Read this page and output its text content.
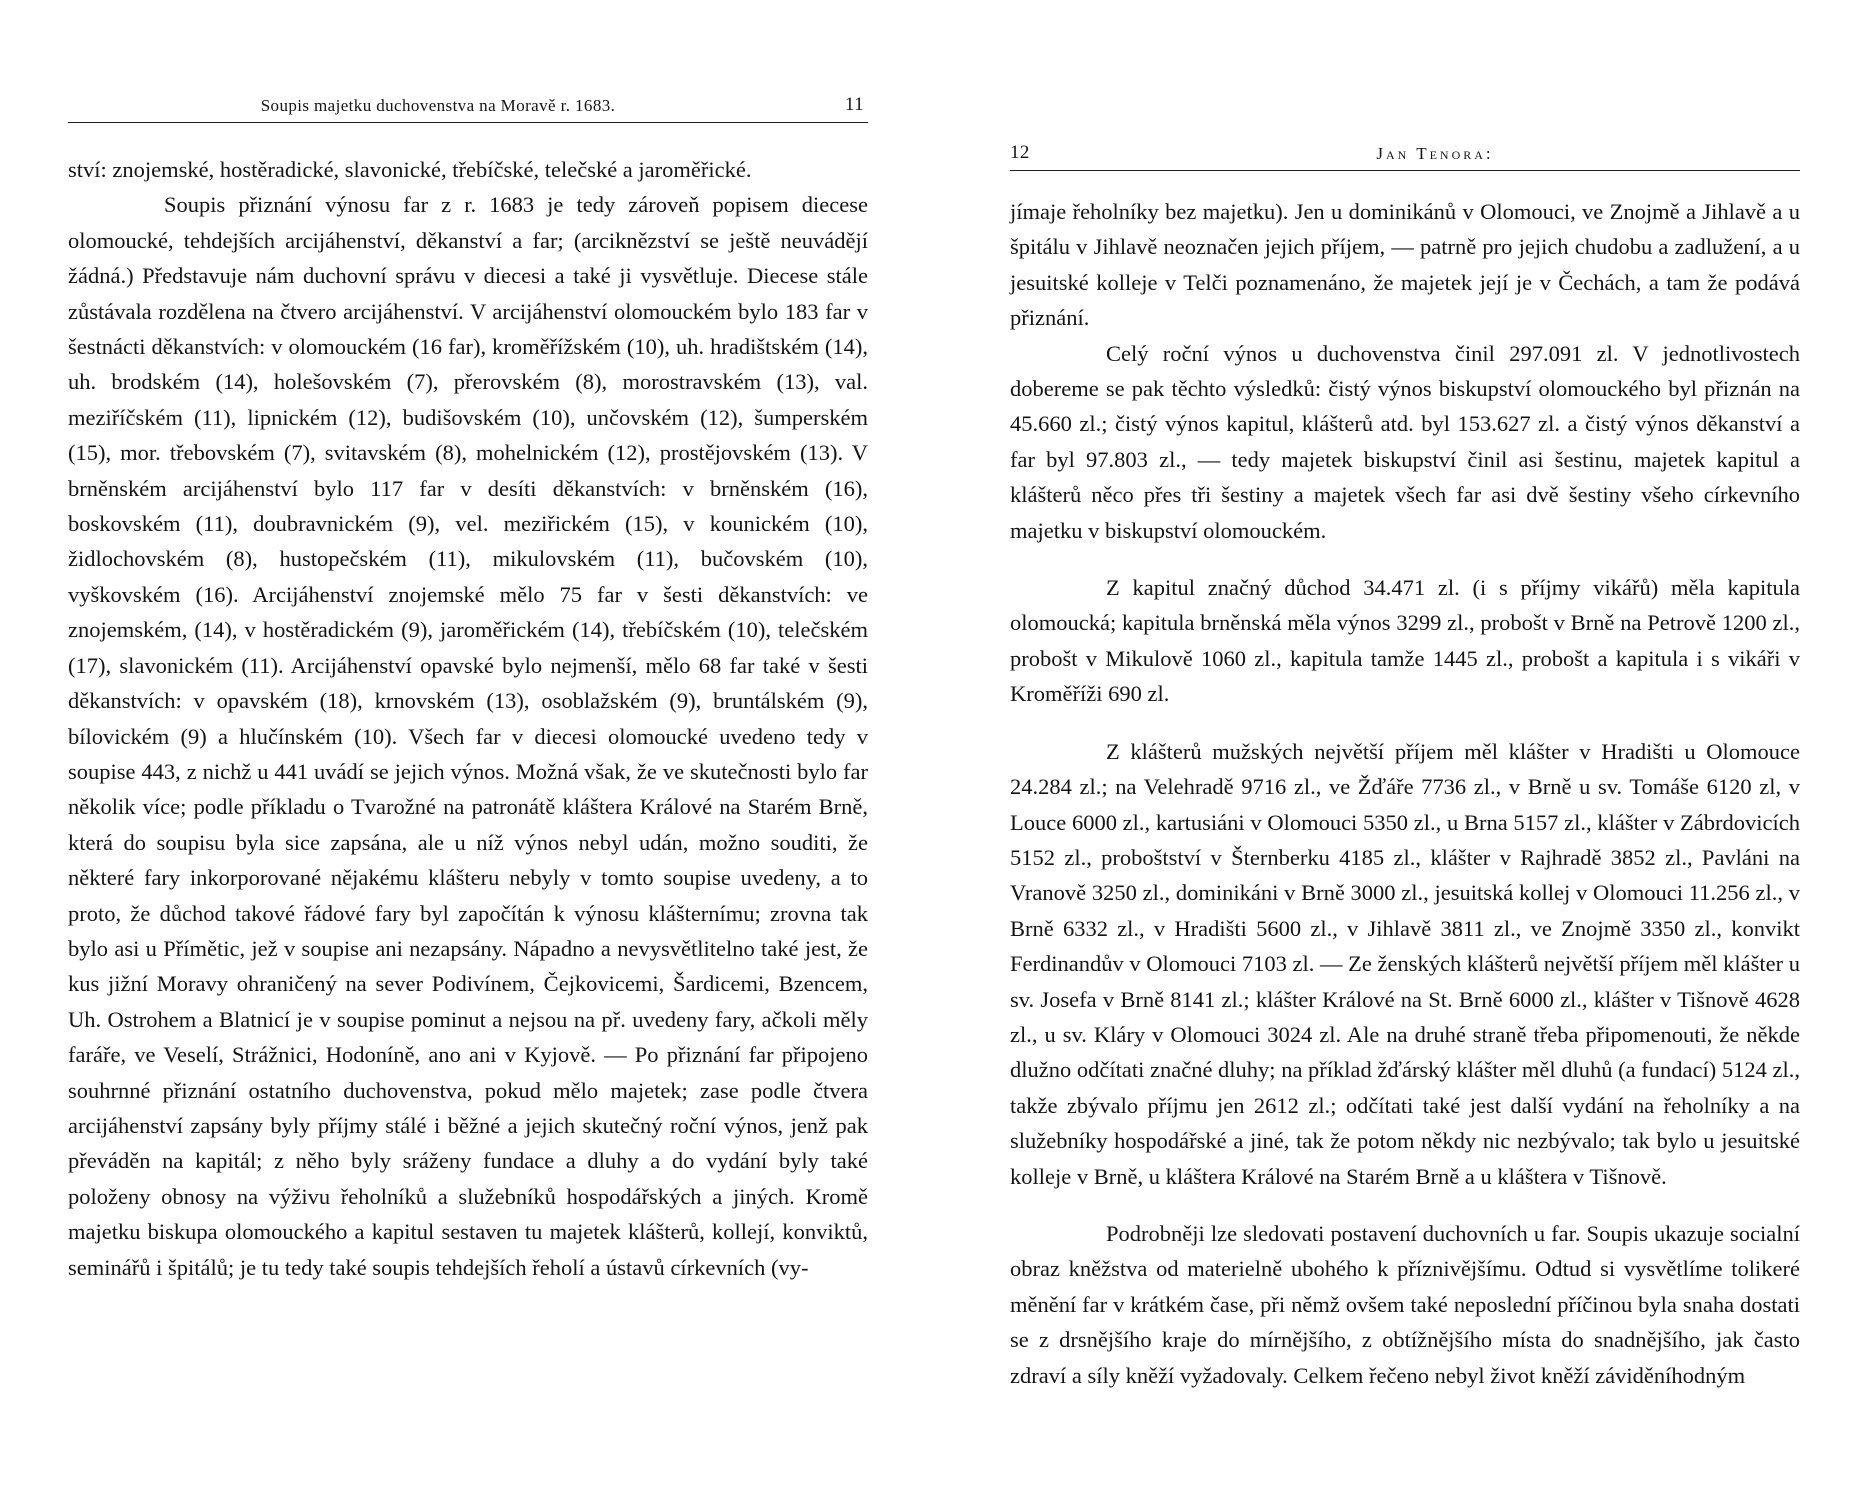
Soupis majetku duchovenstva na Moravě r. 1683.	11

ství: znojemské, hostěradické, slavonické, třebíčské, telečské a jaroměřické.

Soupis přiznání výnosu far z r. 1683 je tedy zároveň popisem diecese olomoucké, tehdejších arcijáhenství, děkanství a far; (arciknězství se ještě neuvádějí žádná.) Představuje nám duchovní správu v diecesi a také ji vysvětluje. Diecese stále zůstávala rozdělena na čtvero arcijáhenství. V arcijáhenství olomouckém bylo 183 far v šestnácti děkanstvích: v olomouckém (16 far), kroměřížském (10), uh. hradištském (14), uh. brodském (14), holešovském (7), přerovském (8), morostravském (13), val. meziříčském (11), lipnickém (12), budišovském (10), unčovském (12), šumperském (15), mor. třebovském (7), svitavském (8), mohelnickém (12), prostějovském (13). V brněnském arcijáhenství bylo 117 far v desíti děkanstvích: v brněnském (16), boskovském (11), doubravnickém (9), vel. meziřickém (15), v kounickém (10), židlochovském (8), hustopečském (11), mikulovském (11), bučovském (10), vyškovském (16). Arcijáhenství znojemské mělo 75 far v šesti děkanstvích: ve znojemském, (14), v hostěradickém (9), jaroměřickém (14), třebíčském (10), telečském (17), slavonickém (11). Arcijáhenství opavské bylo nejmenší, mělo 68 far také v šesti děkanstvích: v opavském (18), krnovském (13), osoblažském (9), bruntálském (9), bílovickém (9) a hlučínském (10). Všech far v diecesi olomoucké uvedeno tedy v soupise 443, z nichž u 441 uvádí se jejich výnos. Možná však, že ve skutečnosti bylo far několik více; podle příkladu o Tvarožné na patronátě kláštera Králové na Starém Brně, která do soupisu byla sice zapsána, ale u níž výnos nebyl udán, možno souditi, že některé fary inkorporované nějakému klášteru nebyly v tomto soupise uvedeny, a to proto, že důchod takové řádové fary byl započítán k výnosu klášternímu; zrovna tak bylo asi u Přímětic, jež v soupise ani nezapsány. Nápadno a nevysvětlitelno také jest, že kus jižní Moravy ohraničený na sever Podivínem, Čejkovicemi, Šardicemi, Bzencem, Uh. Ostrohem a Blatnicí je v soupise pominut a nejsou na př. uvedeny fary, ačkoli měly faráře, ve Veselí, Strážnici, Hodoníně, ano ani v Kyjově. — Po přiznání far připojeno souhrnné přiznání ostatního duchovenstva, pokud mělo majetek; zase podle čtvera arcijáhenství zapsány byly příjmy stálé i běžné a jejich skutečný roční výnos, jenž pak převáděn na kapitál; z něho byly sráženy fundace a dluhy a do vydání byly také položeny obnosy na výživu řeholníků a služebníků hospodářských a jiných. Kromě majetku biskupa olomouckého a kapitul sestaven tu majetek klášterů, kollejí, konviktů, seminářů i špitálů; je tu tedy také soupis tehdejších řeholí a ústavů církevních (vy-

12	Jan Tenora:

jímaje řeholníky bez majetku). Jen u dominikánů v Olomouci, ve Znojmě a Jihlavě a u špitálu v Jihlavě neoznačen jejich příjem, — patrně pro jejich chudobu a zadlužení, a u jesuitské kolleje v Telči poznamenáno, že majetek její je v Čechách, a tam že podává přiznání.

Celý roční výnos u duchovenstva činil 297.091 zl. V jednotlivostech dobereme se pak těchto výsledků: čistý výnos biskupství olomouckého byl přiznán na 45.660 zl.; čistý výnos kapitul, klášterů atd. byl 153.627 zl. a čistý výnos děkanství a far byl 97.803 zl., — tedy majetek biskupství činil asi šestinu, majetek kapitul a klášterů něco přes tři šestiny a majetek všech far asi dvě šestiny všeho církevního majetku v biskupství olomouckém.

Z kapitul značný důchod 34.471 zl. (i s příjmy vikářů) měla kapitula olomoucká; kapitula brněnská měla výnos 3299 zl., probošt v Brně na Petrově 1200 zl., probošt v Mikulově 1060 zl., kapitula tamže 1445 zl., probošt a kapitula i s vikáři v Kroměříži 690 zl.

Z klášterů mužských největší příjem měl klášter v Hradišti u Olomouce 24.284 zl.; na Velehradě 9716 zl., ve Žďáře 7736 zl., v Brně u sv. Tomáše 6120 zl, v Louce 6000 zl., kartusiáni v Olomouci 5350 zl., u Brna 5157 zl., klášter v Zábrdovicích 5152 zl., proboštství v Šternberku 4185 zl., klášter v Rajhradě 3852 zl., Pavláni na Vranově 3250 zl., dominikáni v Brně 3000 zl., jesuitská kollej v Olomouci 11.256 zl., v Brně 6332 zl., v Hradišti 5600 zl., v Jihlavě 3811 zl., ve Znojmě 3350 zl., konvikt Ferdinandův v Olomouci 7103 zl. — Ze ženských klášterů největší příjem měl klášter u sv. Josefa v Brně 8141 zl.; klášter Králové na St. Brně 6000 zl., klášter v Tišnově 4628 zl., u sv. Kláry v Olomouci 3024 zl. Ale na druhé straně třeba připomenouti, že někde dlužno odčítati značné dluhy; na příklad žďárský klášter měl dluhů (a fundací) 5124 zl., takže zbývalo příjmu jen 2612 zl.; odčítati také jest další vydání na řeholníky a na služebníky hospodářské a jiné, tak že potom někdy nic nezbývalo; tak bylo u jesuitské kolleje v Brně, u kláštera Králové na Starém Brně a u kláštera v Tišnově.

Podrobněji lze sledovati postavení duchovních u far. Soupis ukazuje socialní obraz kněžstva od materielně ubohého k příznivějšímu. Odtud si vysvětlíme tolikeré měnění far v krátkém čase, při němž ovšem také neposlední příčinou byla snaha dostati se z drsnějšího kraje do mírnějšího, z obtížnějšího místa do snadnějšího, jak často zdraví a síly kněží vyžadovaly. Celkem řečeno nebyl život kněží záviděníhodným
